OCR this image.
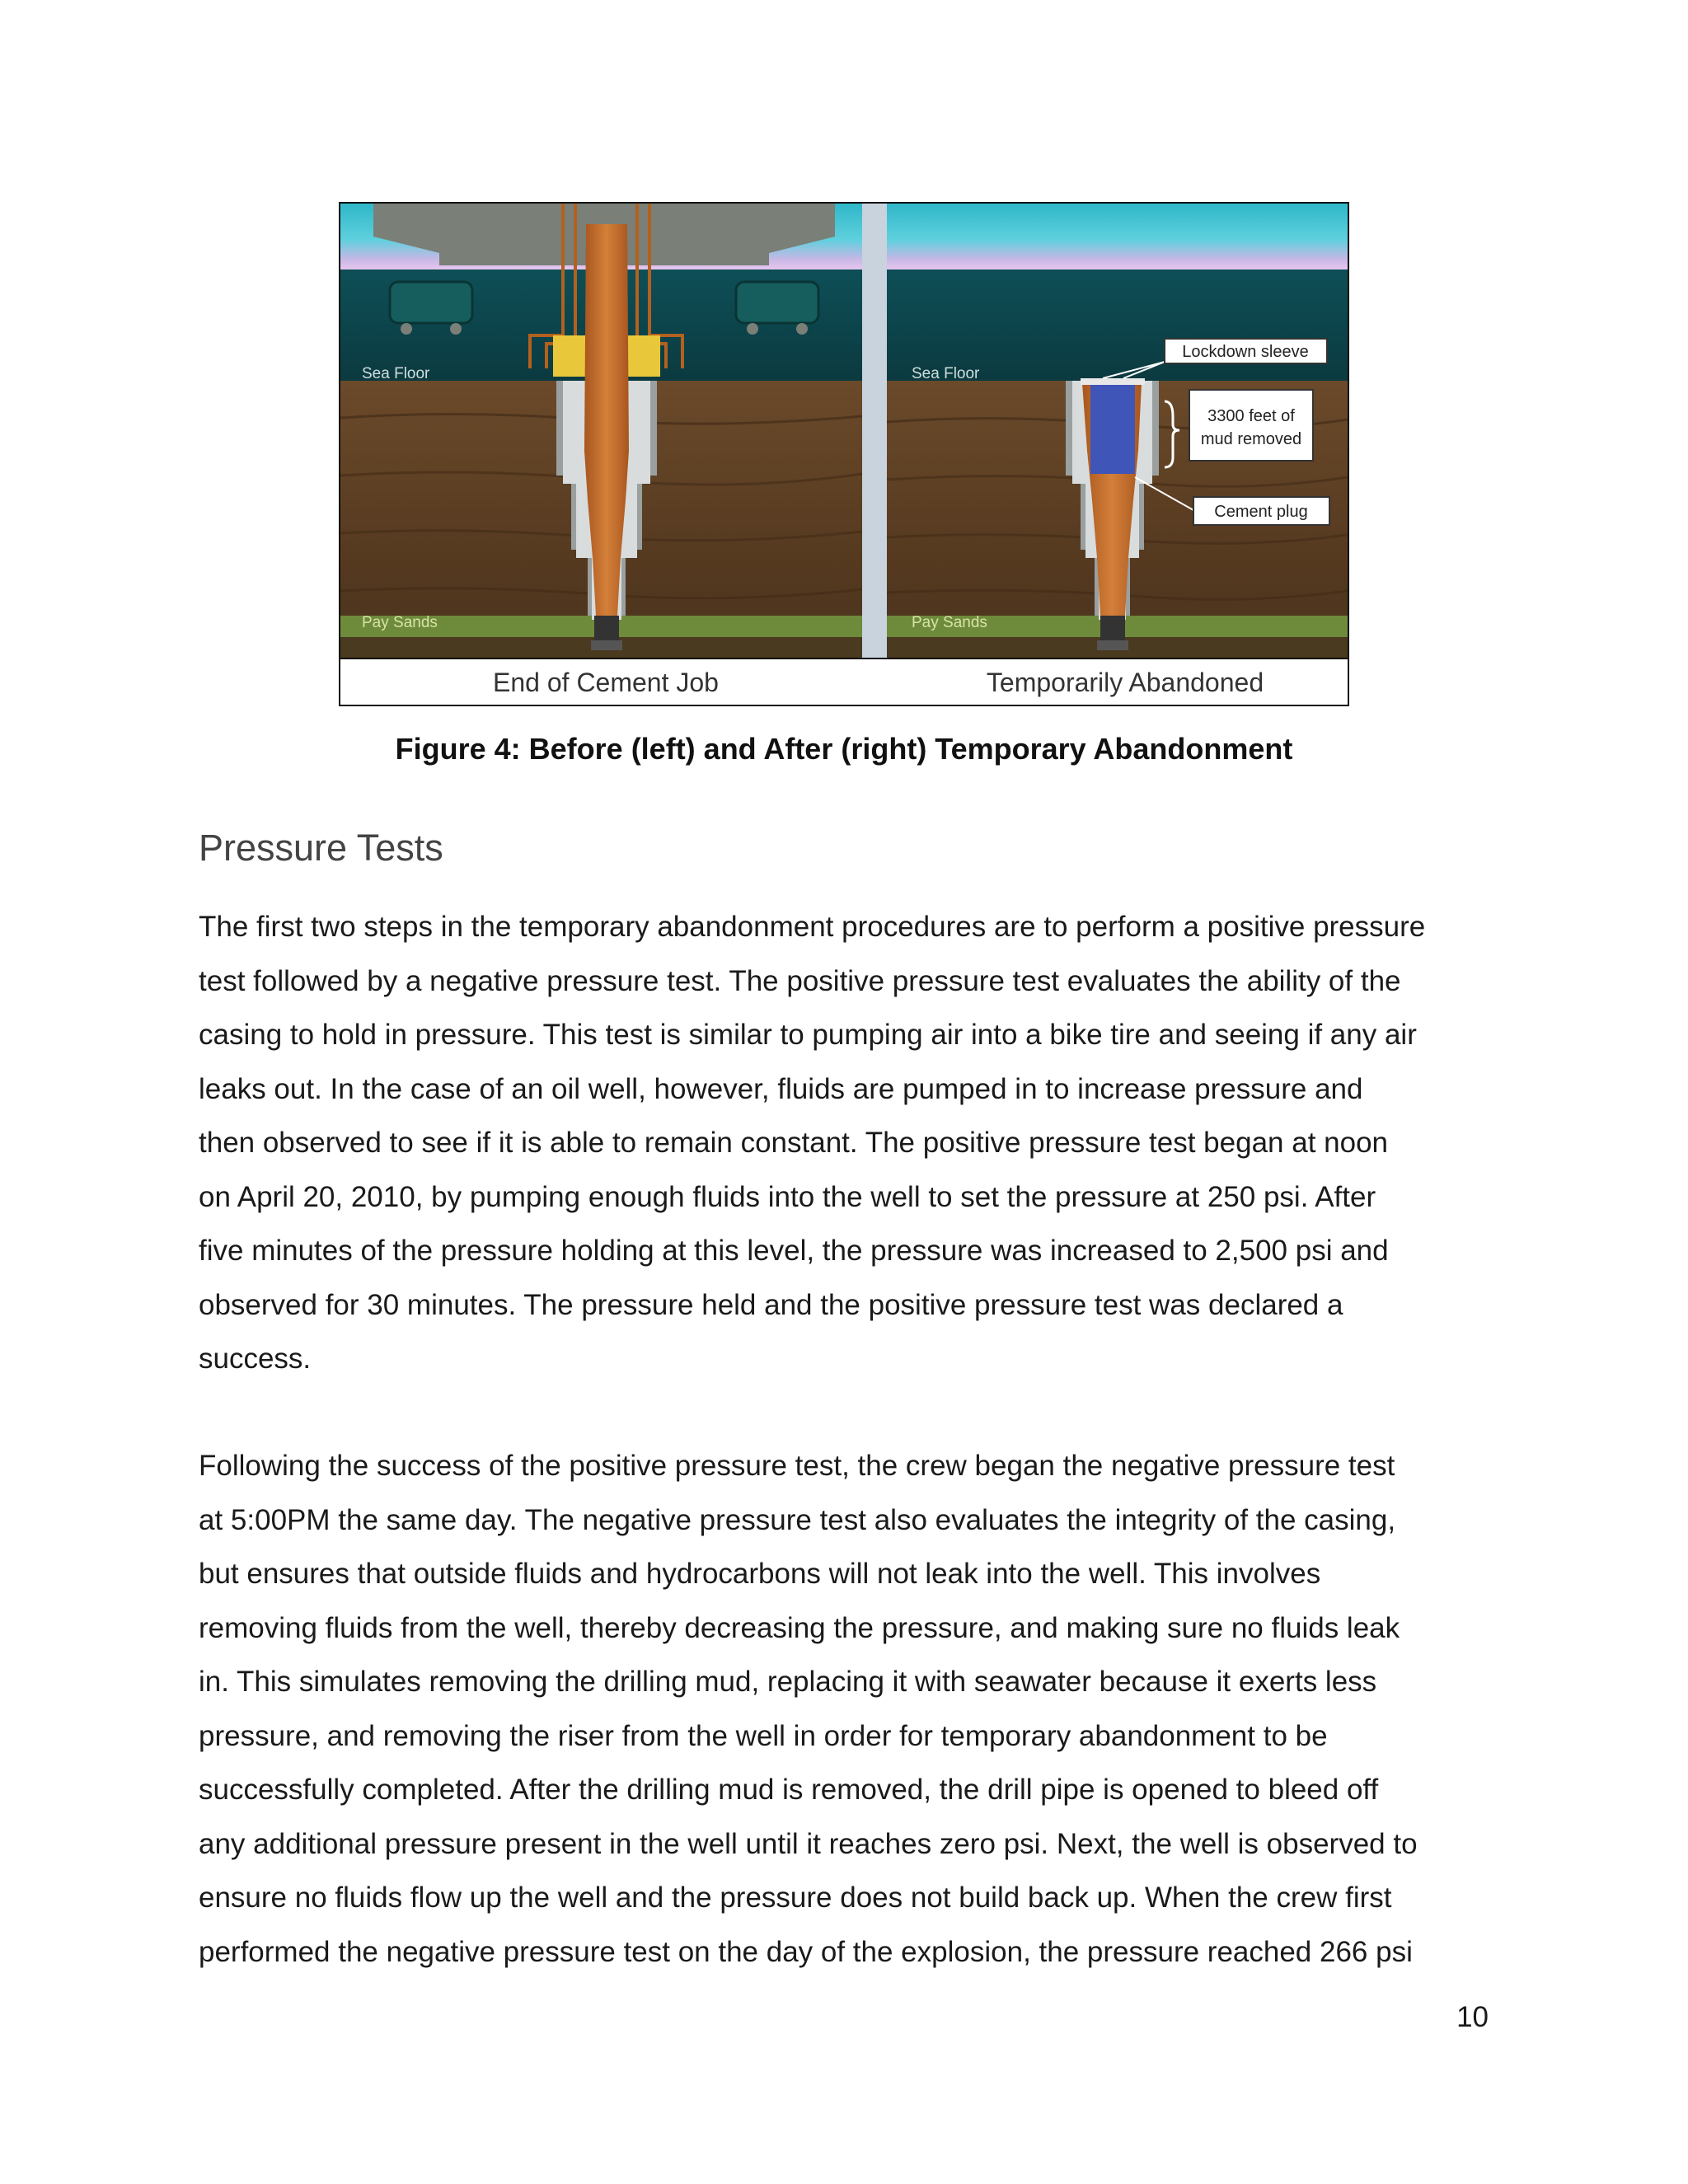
Sea Floor
Pay Sands
Lockdown sleeve
3300 feet of
mud removed
Cement plug
Sea Floor
Pay Sands
End of Cement Job	Temporarily Abandoned
Figure 4: Before (left) and After (right) Temporary Abandonment
Pressure Tests
The first two steps in the temporary abandonment procedures are to perform a positive pressure
test followed by a negative pressure test. The positive pressure test evaluates the ability of the
casing to hold in pressure. This test is similar to pumping air into a bike tire and seeing if any air
leaks out. In the case of an oil well, however, fluids are pumped in to increase pressure and
then observed to see if it is able to remain constant. The positive pressure test began at noon
on April 20, 2010, by pumping enough fluids into the well to set the pressure at 250 psi. After
five minutes of the pressure holding at this level, the pressure was increased to 2,500 psi and
observed for 30 minutes. The pressure held and the positive pressure test was declared a
success.
Following the success of the positive pressure test, the crew began the negative pressure test
at 5:00PM the same day. The negative pressure test also evaluates the integrity of the casing,
but ensures that outside fluids and hydrocarbons will not leak into the well. This involves
removing fluids from the well, thereby decreasing the pressure, and making sure no fluids leak
in. This simulates removing the drilling mud, replacing it with seawater because it exerts less
pressure, and removing the riser from the well in order for temporary abandonment to be
successfully completed. After the drilling mud is removed, the drill pipe is opened to bleed off
any additional pressure present in the well until it reaches zero psi. Next, the well is observed to
ensure no fluids flow up the well and the pressure does not build back up. When the crew first
performed the negative pressure test on the day of the explosion, the pressure reached 266 psi
10
